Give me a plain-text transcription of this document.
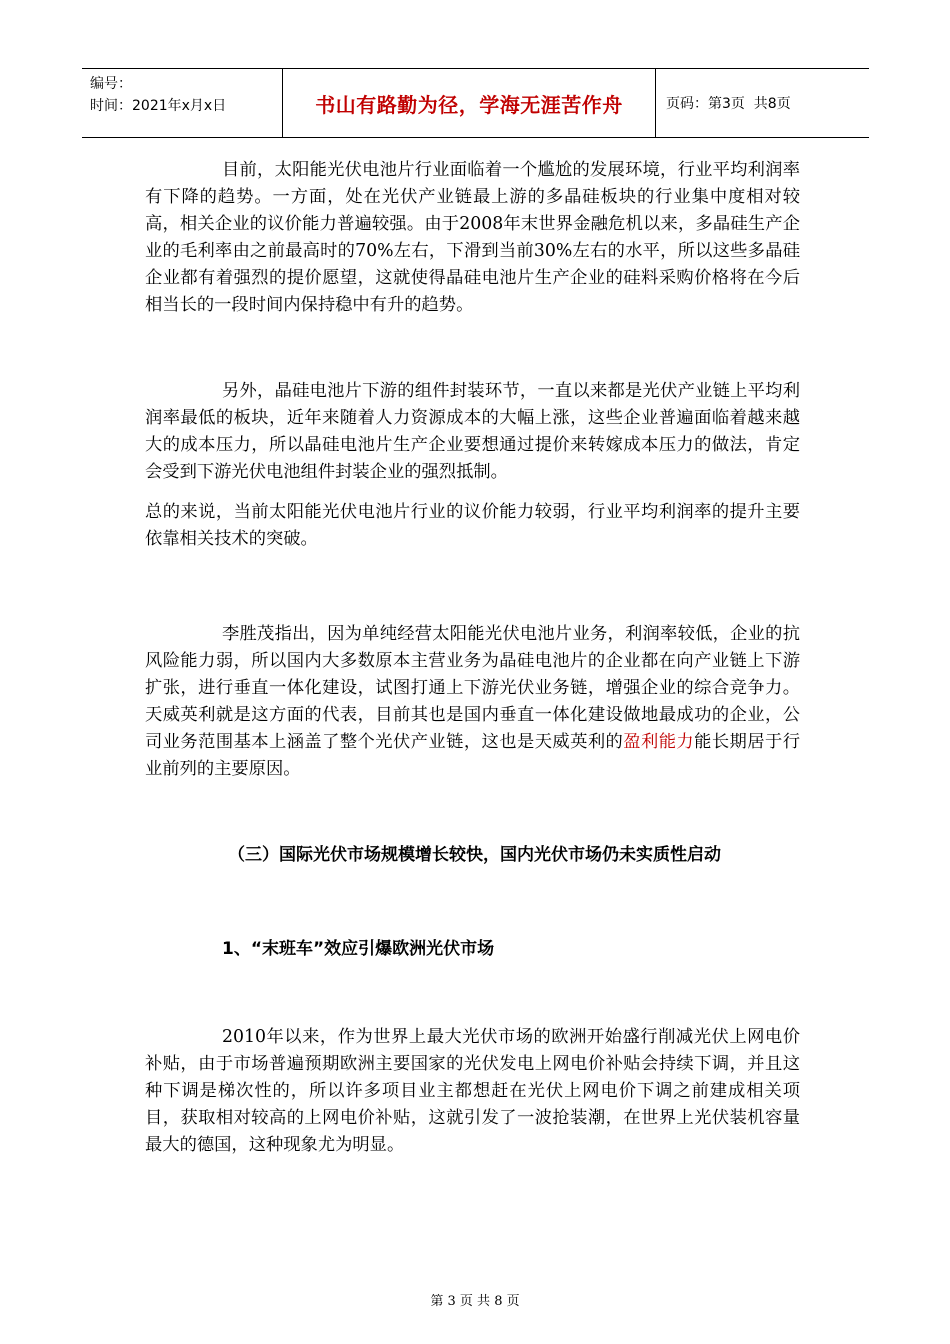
编号：
时间：2021年x月x日	书山有路勤为径，学海无涯苦作舟	页码：第3页  共8页

目前，太阳能光伏电池片行业面临着一个尴尬的发展环境，行业平均利润率有下降的趋势。一方面，处在光伏产业链最上游的多晶硅板块的行业集中度相对较高，相关企业的议价能力普遍较强。由于2008年末世界金融危机以来，多晶硅生产企业的毛利率由之前最高时的70%左右，下滑到当前30%左右的水平，所以这些多晶硅企业都有着强烈的提价愿望，这就使得晶硅电池片生产企业的硅料采购价格将在今后相当长的一段时间内保持稳中有升的趋势。

另外，晶硅电池片下游的组件封装环节，一直以来都是光伏产业链上平均利润率最低的板块，近年来随着人力资源成本的大幅上涨，这些企业普遍面临着越来越大的成本压力，所以晶硅电池片生产企业要想通过提价来转嫁成本压力的做法，肯定会受到下游光伏电池组件封装企业的强烈抵制。

总的来说，当前太阳能光伏电池片行业的议价能力较弱，行业平均利润率的提升主要依靠相关技术的突破。

李胜茂指出，因为单纯经营太阳能光伏电池片业务，利润率较低，企业的抗风险能力弱，所以国内大多数原本主营业务为晶硅电池片的企业都在向产业链上下游扩张，进行垂直一体化建设，试图打通上下游光伏业务链，增强企业的综合竞争力。天威英利就是这方面的代表，目前其也是国内垂直一体化建设做地最成功的企业，公司业务范围基本上涵盖了整个光伏产业链，这也是天威英利的盈利能力能长期居于行业前列的主要原因。

（三）国际光伏市场规模增长较快，国内光伏市场仍未实质性启动

1、“末班车”效应引爆欧洲光伏市场

2010年以来，作为世界上最大光伏市场的欧洲开始盛行削减光伏上网电价补贴，由于市场普遍预期欧洲主要国家的光伏发电上网电价补贴会持续下调，并且这种下调是梯次性的，所以许多项目业主都想赶在光伏上网电价下调之前建成相关项目，获取相对较高的上网电价补贴，这就引发了一波抢装潮，在世界上光伏装机容量最大的德国，这种现象尤为明显。

第 3 页 共 8 页
